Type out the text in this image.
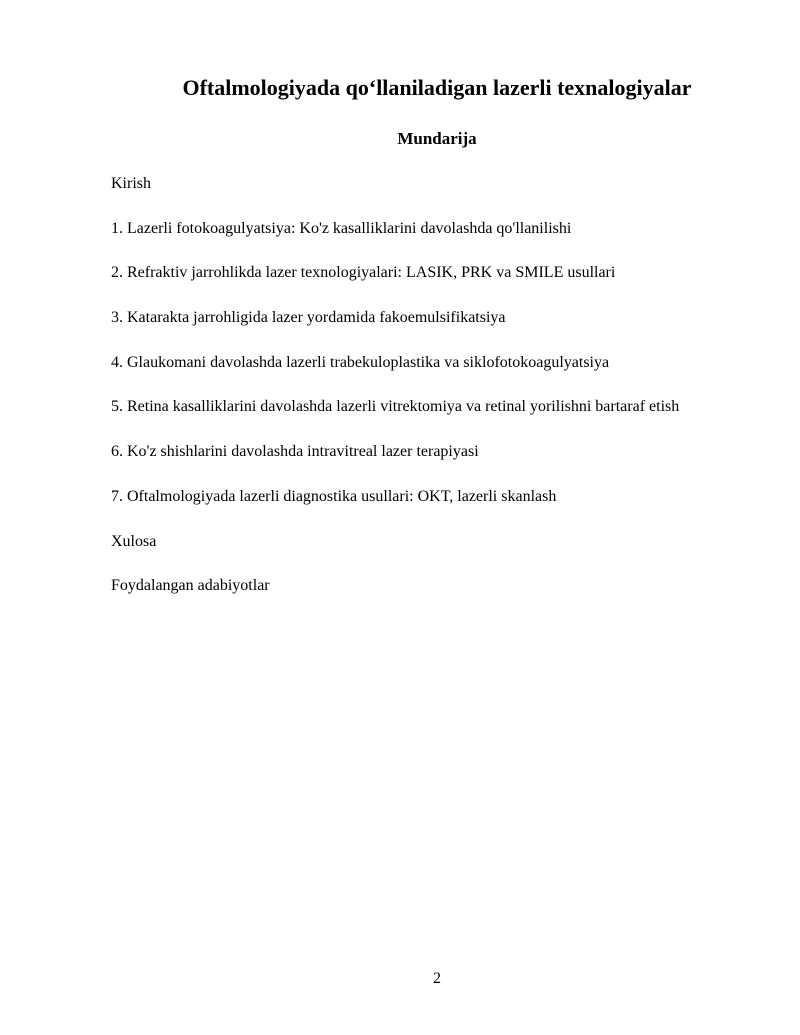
Oftalmologiyada qo‘llaniladigan lazerli texnalogiyalar
Mundarija
Kirish
1. Lazerli fotokoagulyatsiya: Ko'z kasalliklarini davolashda qo'llanilishi
2. Refraktiv jarrohlikda lazer texnologiyalari: LASIK, PRK va SMILE usullari
3. Katarakta jarrohligida lazer yordamida fakoemulsifikatsiya
4. Glaukomani davolashda lazerli trabekuloplastika va siklofotokoagulyatsiya
5. Retina kasalliklarini davolashda lazerli vitrektomiya va retinal yorilishni bartaraf etish
6. Ko'z shishlarini davolashda intravitreal lazer terapiyasi
7. Oftalmologiyada lazerli diagnostika usullari: OKT, lazerli skanlash
Xulosa
Foydalangan adabiyotlar
2
